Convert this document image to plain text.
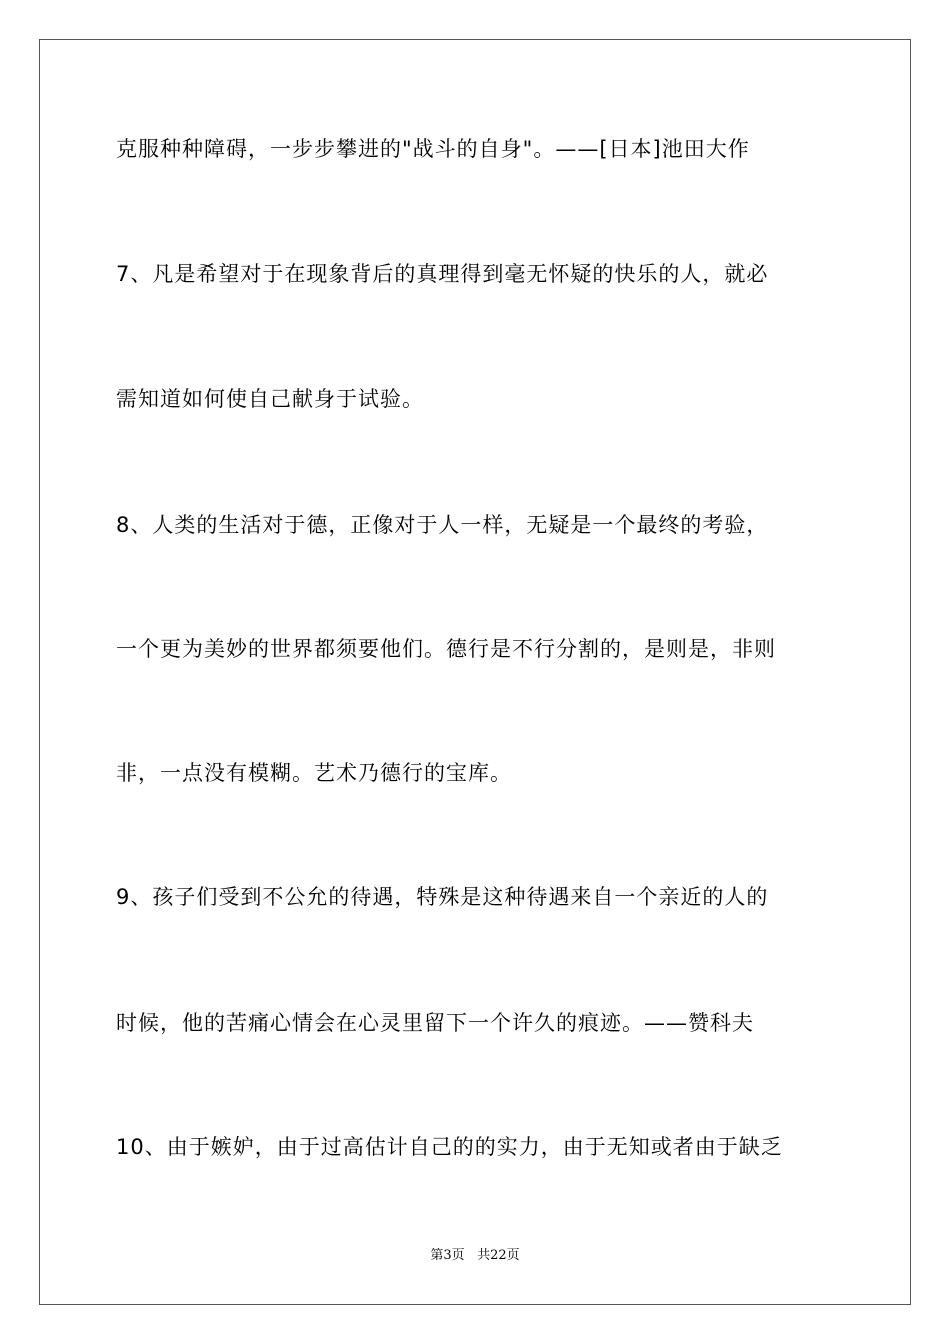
克服种种障碍，一步步攀进的"战斗的自身"。——[日本]池田大作
7、凡是希望对于在现象背后的真理得到毫无怀疑的快乐的人，就必
需知道如何使自己献身于试验。
8、人类的生活对于德，正像对于人一样，无疑是一个最终的考验，
一个更为美妙的世界都须要他们。德行是不行分割的，是则是，非则
非，一点没有模糊。艺术乃德行的宝库。
9、孩子们受到不公允的待遇，特殊是这种待遇来自一个亲近的人的
时候，他的苦痛心情会在心灵里留下一个许久的痕迹。——赞科夫
10、由于嫉妒，由于过高估计自己的的实力，由于无知或者由于缺乏
第3页 共22页
